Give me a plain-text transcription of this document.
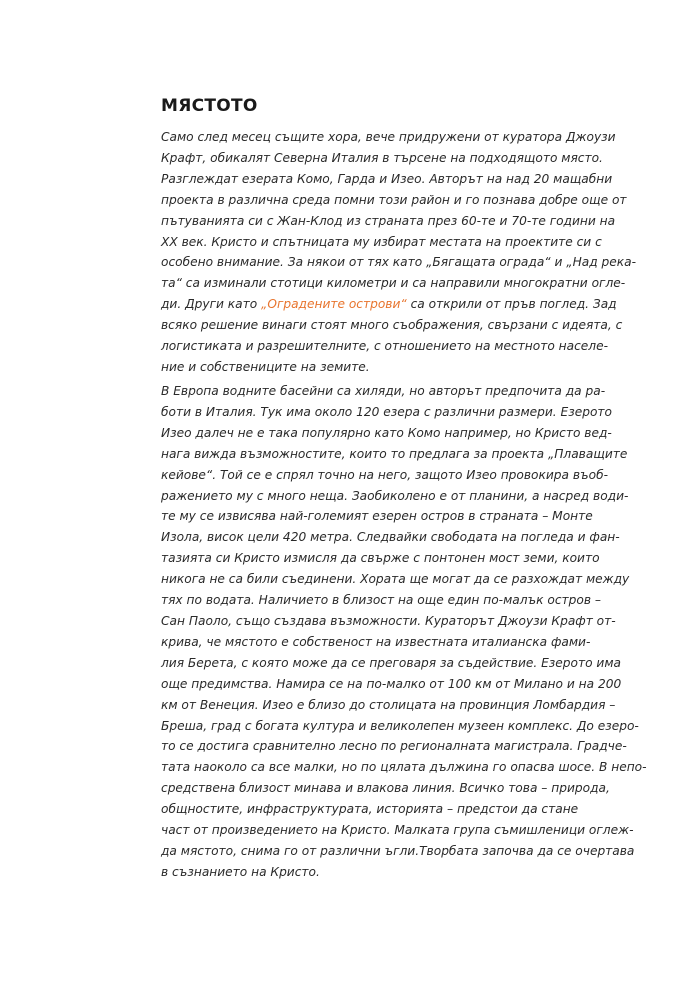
МЯСТОТО

Само след месец същите хора, вече придружени от куратора Джоузи
Крафт, обикалят Северна Италия в търсене на подходящото място.
Разглеждат езерата Комо, Гарда и Изео. Авторът на над 20 мащабни
проекта в различна среда помни този район и го познава добре още от
пътуванията си с Жан-Клод из страната през 60-те и 70-те години на
XX век. Кристо и спътницата му избират местата на проектите си с
особено внимание. За някои от тях като „Бягащата ограда“ и „Над река-
та“ са изминали стотици километри и са направили многократни огле-
ди. Други като „Оградените острови“ са открили от пръв поглед. Зад
всяко решение винаги стоят много съображения, свързани с идеята, с
логистиката и разрешителните, с отношението на местното населе-
ние и собствениците на земите.

В Европа водните басейни са хиляди, но авторът предпочита да ра-
боти в Италия. Тук има около 120 езера с различни размери. Езерото
Изео далеч не е така популярно като Комо например, но Кристо вед-
нага вижда възможностите, които то предлага за проекта „Плаващите
кейове“. Той се е спрял точно на него, защото Изео провокира въоб-
ражението му с много неща. Заобиколено е от планини, а насред води-
те му се извисява най-големият езерен остров в страната – Монте
Изола, висок цели 420 метра. Следвайки свободата на погледа и фан-
тазията си Кристо измисля да свърже с понтонен мост земи, които
никога не са били съединени. Хората ще могат да се разхождат между
тях по водата. Наличието в близост на още един по-малък остров –
Сан Паоло, също създава възможности. Кураторът Джоузи Крафт от-
крива, че мястото е собственост на известната италианска фами-
лия Берета, с която може да се преговаря за съдействие. Езерото има
още предимства. Намира се на по-малко от 100 км от Милано и на 200
км от Венеция. Изео е близо до столицата на провинция Ломбардия –
Бреша, град с богата култура и великолепен музеен комплекс. До езеро-
то се достига сравнително лесно по регионалната магистрала. Градче-
тата наоколо са все малки, но по цялата дължина го опасва шосе. В непо-
средствена близост минава и влакова линия. Всичко това – природа,
общностите, инфраструктурата, историята – предстои да стане
част от произведението на Кристо. Малката група съмишленици оглеж-
да мястото, снима го от различни ъгли.Творбата започва да се очертава
в съзнанието на Кристо.
